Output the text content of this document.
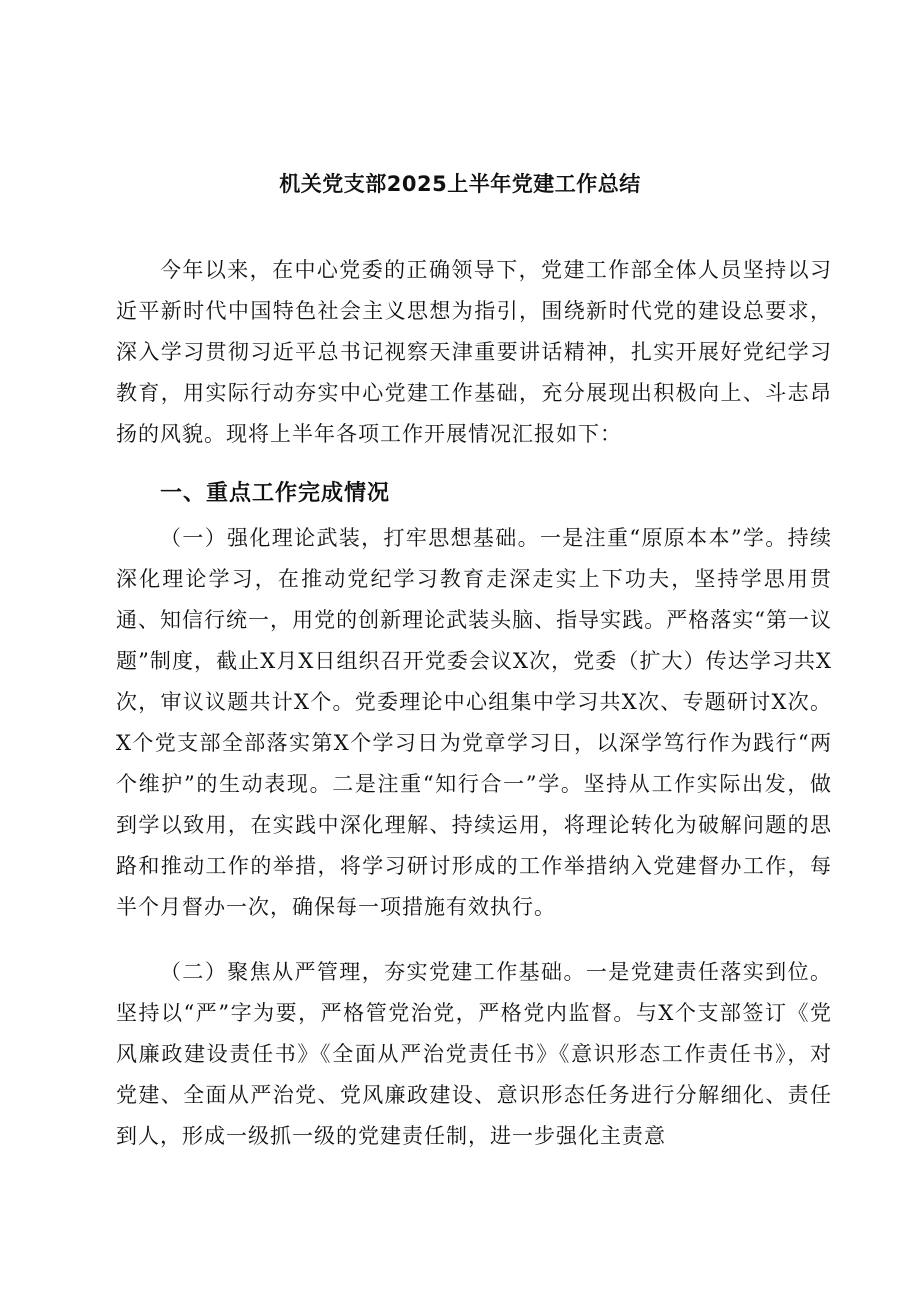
机关党支部2025上半年党建工作总结

今年以来，在中心党委的正确领导下，党建工作部全体人员坚持以习近平新时代中国特色社会主义思想为指引，围绕新时代党的建设总要求，深入学习贯彻习近平总书记视察天津重要讲话精神，扎实开展好党纪学习教育，用实际行动夯实中心党建工作基础，充分展现出积极向上、斗志昂扬的风貌。现将上半年各项工作开展情况汇报如下：

一、重点工作完成情况

（一）强化理论武装，打牢思想基础。一是注重“原原本本”学。持续深化理论学习，在推动党纪学习教育走深走实上下功夫，坚持学思用贯通、知信行统一，用党的创新理论武装头脑、指导实践。严格落实“第一议题”制度，截止X月X日组织召开党委会议X次，党委（扩大）传达学习共X次，审议议题共计X个。党委理论中心组集中学习共X次、专题研讨X次。X个党支部全部落实第X个学习日为党章学习日，以深学笃行作为践行“两个维护”的生动表现。二是注重“知行合一”学。坚持从工作实际出发，做到学以致用，在实践中深化理解、持续运用，将理论转化为破解问题的思路和推动工作的举措，将学习研讨形成的工作举措纳入党建督办工作，每半个月督办一次，确保每一项措施有效执行。

（二）聚焦从严管理，夯实党建工作基础。一是党建责任落实到位。坚持以“严”字为要，严格管党治党，严格党内监督。与X个支部签订《党风廉政建设责任书》《全面从严治党责任书》《意识形态工作责任书》，对党建、全面从严治党、党风廉政建设、意识形态任务进行分解细化、责任到人，形成一级抓一级的党建责任制，进一步强化主责意
